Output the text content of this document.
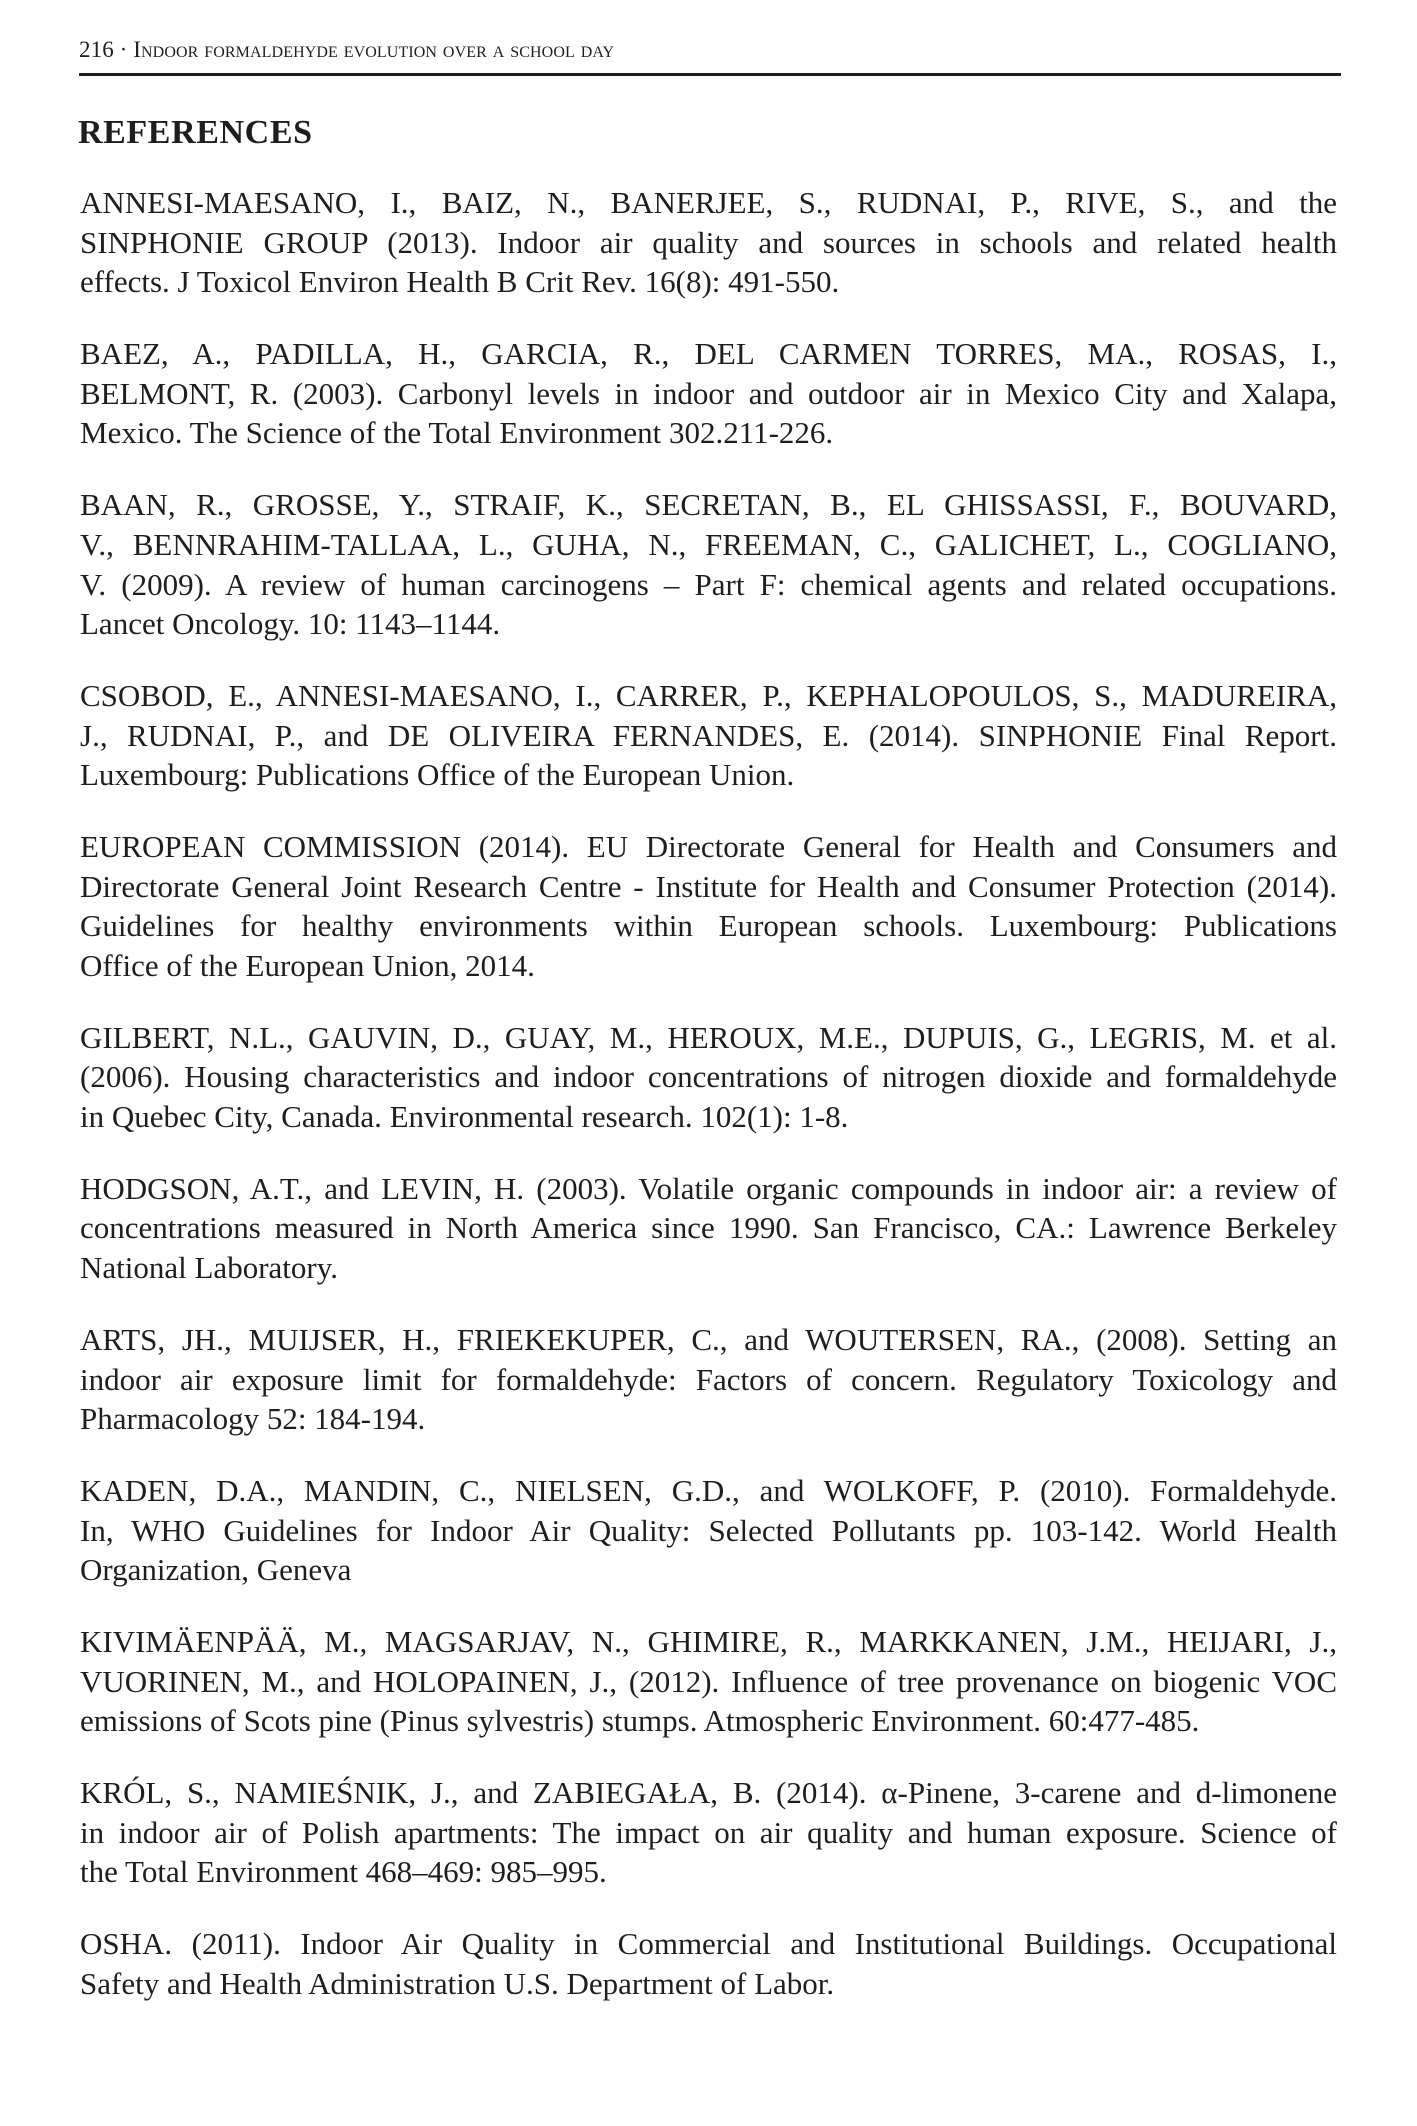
216 · Indoor formaldehyde evolution over a school day
REFERENCES
ANNESI-MAESANO, I., BAIZ, N., BANERJEE, S., RUDNAI, P., RIVE, S., and the
SINPHONIE GROUP (2013). Indoor air quality and sources in schools and related health
effects. J Toxicol Environ Health B Crit Rev. 16(8): 491-550.
BAEZ, A., PADILLA, H., GARCIA, R., DEL CARMEN TORRES, MA., ROSAS, I.,
BELMONT, R. (2003). Carbonyl levels in indoor and outdoor air in Mexico City and Xalapa,
Mexico. The Science of the Total Environment 302.211-226.
BAAN, R., GROSSE, Y., STRAIF, K., SECRETAN, B., EL GHISSASSI, F., BOUVARD,
V., BENNRAHIM-TALLAA, L., GUHA, N., FREEMAN, C., GALICHET, L., COGLIANO,
V. (2009). A review of human carcinogens – Part F: chemical agents and related occupations.
Lancet Oncology. 10: 1143–1144.
CSOBOD, E., ANNESI-MAESANO, I., CARRER, P., KEPHALOPOULOS, S., MADUREIRA,
J., RUDNAI, P., and DE OLIVEIRA FERNANDES, E. (2014). SINPHONIE Final Report.
Luxembourg: Publications Office of the European Union.
EUROPEAN COMMISSION (2014). EU Directorate General for Health and Consumers and
Directorate General Joint Research Centre - Institute for Health and Consumer Protection (2014).
Guidelines for healthy environments within European schools. Luxembourg: Publications
Office of the European Union, 2014.
GILBERT, N.L., GAUVIN, D., GUAY, M., HEROUX, M.E., DUPUIS, G., LEGRIS, M. et al.
(2006). Housing characteristics and indoor concentrations of nitrogen dioxide and formaldehyde
in Quebec City, Canada. Environmental research. 102(1): 1-8.
HODGSON, A.T., and LEVIN, H. (2003). Volatile organic compounds in indoor air: a review of
concentrations measured in North America since 1990. San Francisco, CA.: Lawrence Berkeley
National Laboratory.
ARTS, JH., MUIJSER, H., FRIEKEKUPER, C., and WOUTERSEN, RA., (2008). Setting an
indoor air exposure limit for formaldehyde: Factors of concern. Regulatory Toxicology and
Pharmacology 52: 184-194.
KADEN, D.A., MANDIN, C., NIELSEN, G.D., and WOLKOFF, P. (2010). Formaldehyde.
In, WHO Guidelines for Indoor Air Quality: Selected Pollutants pp. 103-142. World Health
Organization, Geneva
KIVIMÄENPÄÄ, M., MAGSARJAV, N., GHIMIRE, R., MARKKANEN, J.M., HEIJARI, J.,
VUORINEN, M., and HOLOPAINEN, J., (2012). Influence of tree provenance on biogenic VOC
emissions of Scots pine (Pinus sylvestris) stumps. Atmospheric Environment. 60:477-485.
KRÓL, S., NAMIEŚNIK, J., and ZABIEGAŁA, B. (2014). α-Pinene, 3-carene and d-limonene
in indoor air of Polish apartments: The impact on air quality and human exposure. Science of
the Total Environment 468–469: 985–995.
OSHA. (2011). Indoor Air Quality in Commercial and Institutional Buildings. Occupational
Safety and Health Administration U.S. Department of Labor.
